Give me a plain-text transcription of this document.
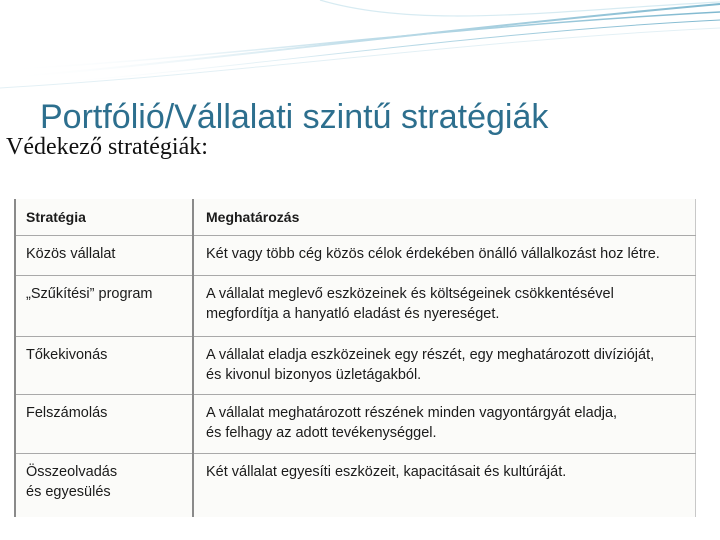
Portfólió/Vállalati szintű stratégiák
Védekező stratégiák:
Stratégia	Meghatározás
Közös vállalat	Két vagy több cég közös célok érdekében önálló vállalkozást hoz létre.
„Szűkítési” program	A vállalat meglevő eszközeinek és költségeinek csökkentésével
megfordítja a hanyatló eladást és nyereséget.
Tőkekivonás	A vállalat eladja eszközeinek egy részét, egy meghatározott divízióját,
és kivonul bizonyos üzletágakból.
Felszámolás	A vállalat meghatározott részének minden vagyontárgyát eladja,
és felhagy az adott tevékenységgel.
Összeolvadás
és egyesülés	Két vállalat egyesíti eszközeit, kapacitásait és kultúráját.
